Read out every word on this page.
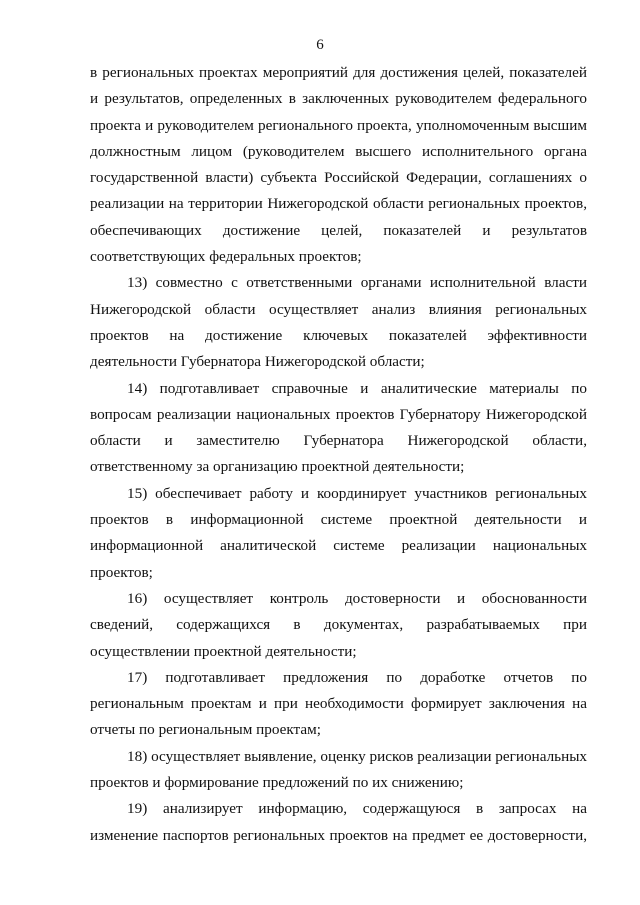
6
в региональных проектах мероприятий для достижения целей, показателей
и результатов, определенных в заключенных руководителем федерального
проекта и руководителем регионального проекта, уполномоченным высшим
должностным лицом (руководителем высшего исполнительного органа
государственной власти) субъекта Российской Федерации, соглашениях о
реализации на территории Нижегородской области региональных проектов,
обеспечивающих достижение целей, показателей и результатов
соответствующих федеральных проектов;
13) совместно с ответственными органами исполнительной власти
Нижегородской области осуществляет анализ влияния региональных
проектов на достижение ключевых показателей эффективности
деятельности Губернатора Нижегородской области;
14) подготавливает справочные и аналитические материалы по
вопросам реализации национальных проектов Губернатору Нижегородской
области и заместителю Губернатора Нижегородской области,
ответственному за организацию проектной деятельности;
15) обеспечивает работу и координирует участников региональных
проектов в информационной системе проектной деятельности и
информационной аналитической системе реализации национальных
проектов;
16) осуществляет контроль достоверности и обоснованности
сведений, содержащихся в документах, разрабатываемых при
осуществлении проектной деятельности;
17) подготавливает предложения по доработке отчетов по
региональным проектам и при необходимости формирует заключения на
отчеты по региональным проектам;
18) осуществляет выявление, оценку рисков реализации региональных
проектов и формирование предложений по их снижению;
19) анализирует информацию, содержащуюся в запросах на
изменение паспортов региональных проектов на предмет ее достоверности,
